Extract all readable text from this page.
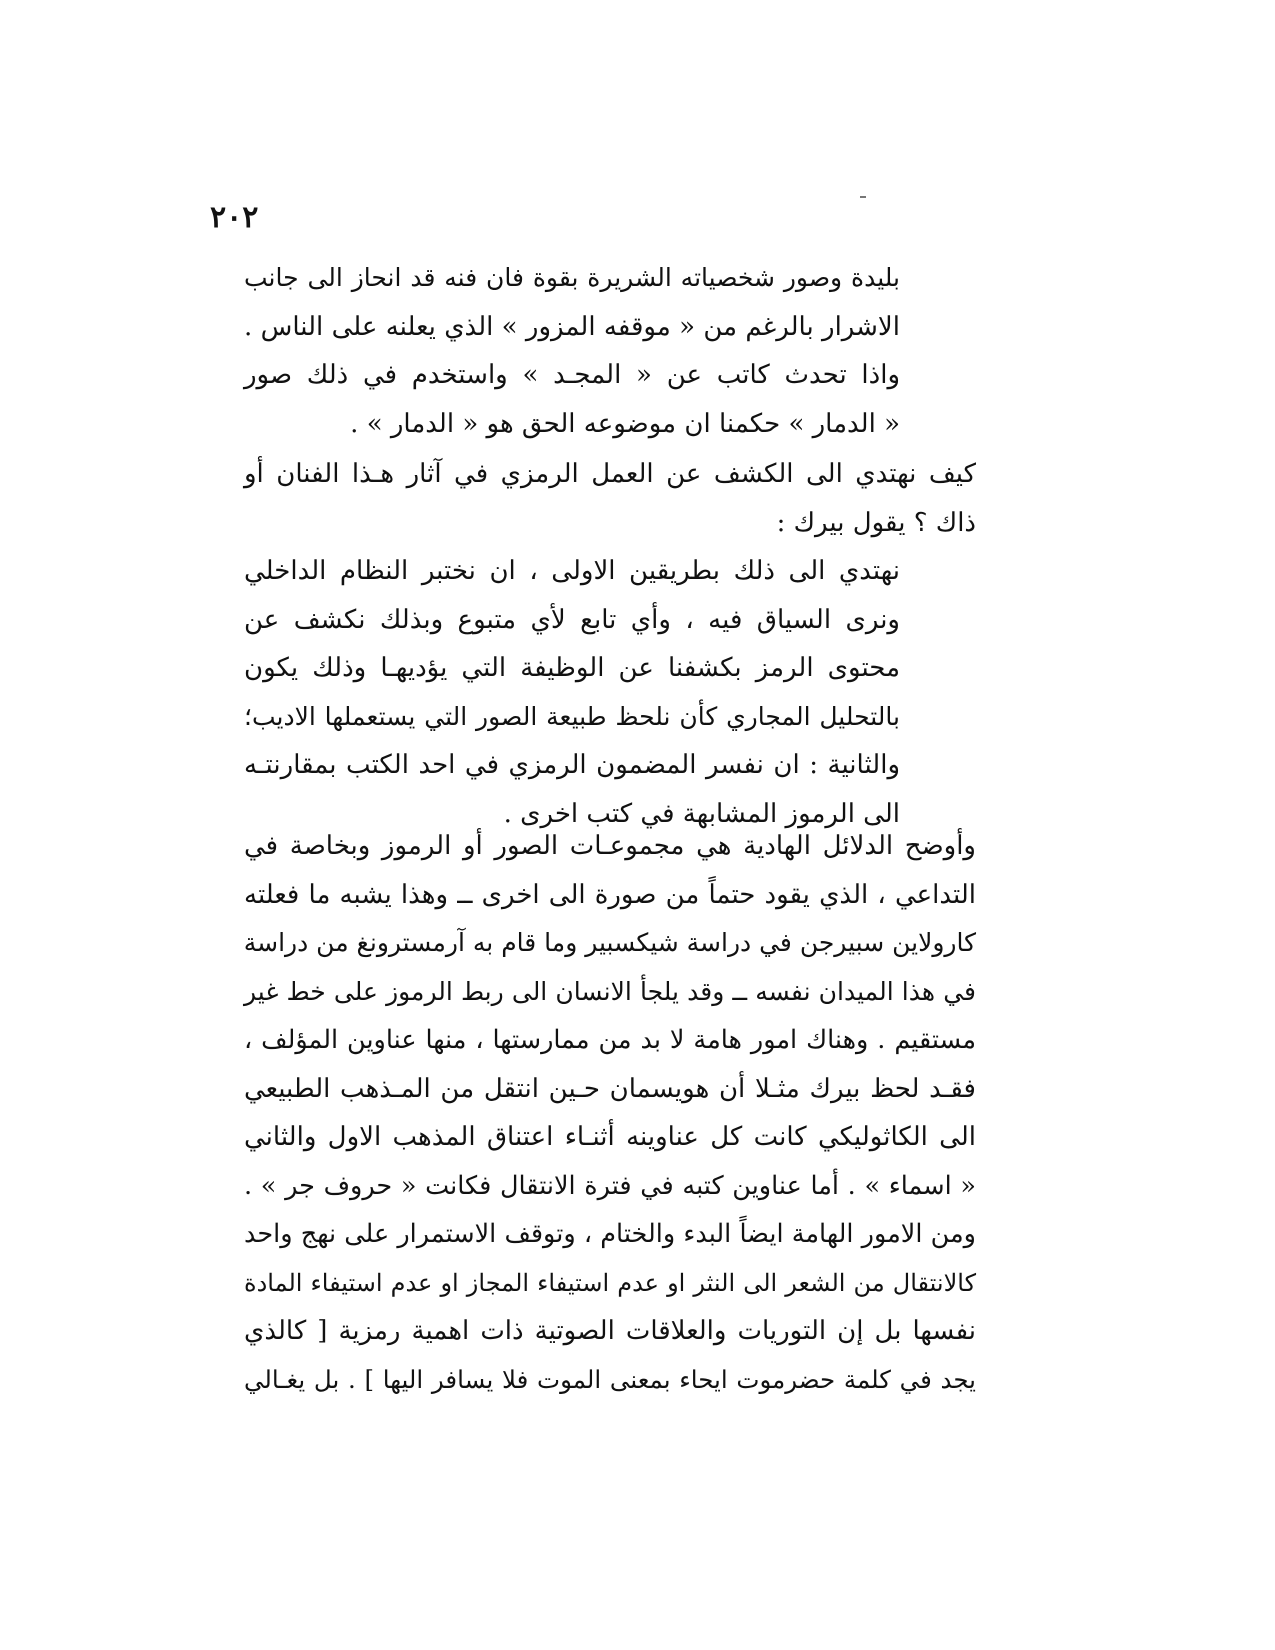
٢٠٢
بليدة وصور شخصياته الشريرة بقوة فان فنه قد انحاز الى جانب
الاشرار بالرغم من « موقفه المزور » الذي يعلنه على الناس .
واذا تحدث كاتب عن « المجـد » واستخدم في ذلك صور
« الدمار » حكمنا ان موضوعه الحق هو « الدمار » .
كيف نهتدي الى الكشف عن العمل الرمزي في آثار هـذا الفنان أو
ذاك ؟ يقول بيرك :
نهتدي الى ذلك بطريقين الاولى ، ان نختبر النظام الداخلي
ونرى السياق فيه ، وأي تابع لأي متبوع وبذلك نكشف عن
محتوى الرمز بكشفنا عن الوظيفة التي يؤديهـا وذلك يكون
بالتحليل المجاري كأن نلحظ طبيعة الصور التي يستعملها الاديب؛
والثانية : ان نفسر المضمون الرمزي في احد الكتب بمقارنتـه
الى الرموز المشابهة في كتب اخرى .
وأوضح الدلائل الهادية هي مجموعـات الصور أو الرموز وبخاصة في
التداعي ، الذي يقود حتماً من صورة الى اخرى ــ وهذا يشبه ما فعلته
كارولاين سبيرجن في دراسة شيكسبير وما قام به آرمسترونغ من دراسة
في هذا الميدان نفسه ــ وقد يلجأ الانسان الى ربط الرموز على خط غير
مستقيم . وهناك امور هامة لا بد من ممارستها ، منها عناوين المؤلف ،
فقـد لحظ بيرك مثـلا أن هويسمان حـين انتقل من المـذهب الطبيعي
الى الكاثوليكي كانت كل عناوينه أثنـاء اعتناق المذهب الاول والثاني
« اسماء » . أما عناوين كتبه في فترة الانتقال فكانت « حروف جر » .
ومن الامور الهامة ايضاً البدء والختام ، وتوقف الاستمرار على نهج واحد
كالانتقال من الشعر الى النثر او عدم استيفاء المجاز او عدم استيفاء المادة
نفسها بل إن التوريات والعلاقات الصوتية ذات اهمية رمزية [ كالذي
يجد في كلمة حضرموت ايحاء بمعنى الموت فلا يسافر اليها ] . بل يغـالي
